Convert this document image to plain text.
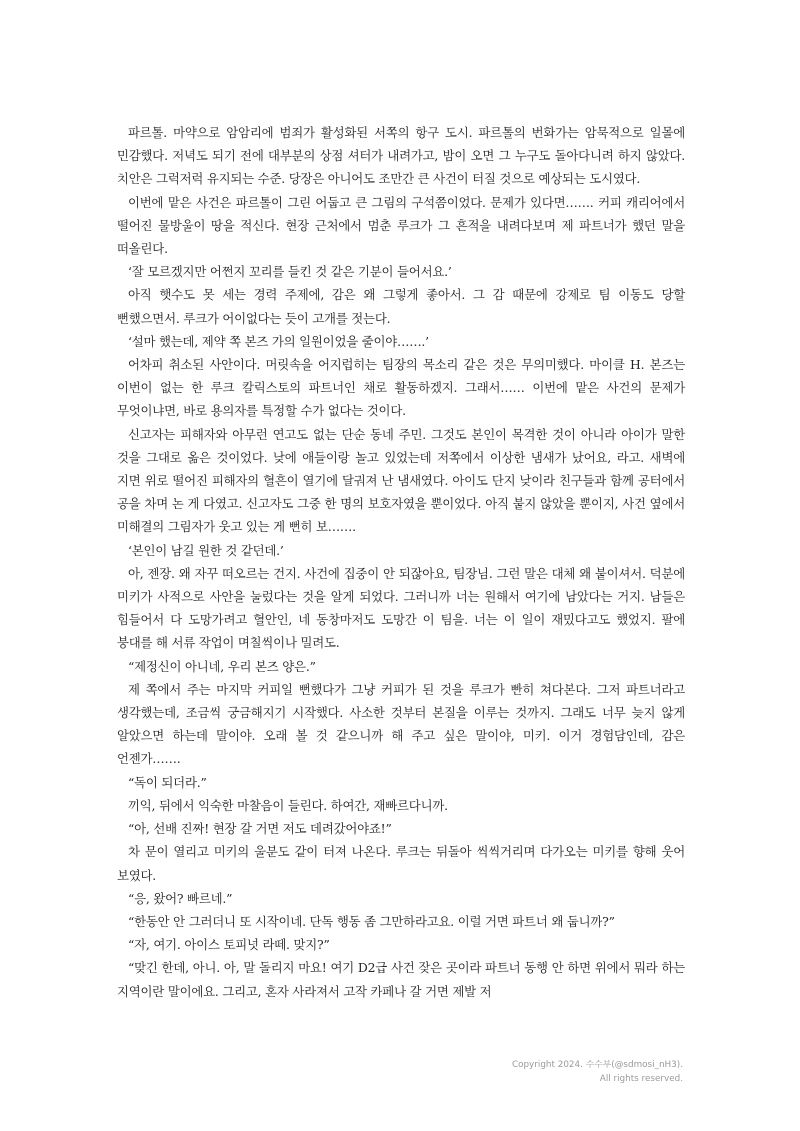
파르톨. 마약으로 암암리에 범죄가 활성화된 서쪽의 항구 도시. 파르톨의 번화가는 암묵적으로 일몰에 민감했다. 저녁도 되기 전에 대부분의 상점 셔터가 내려가고, 밤이 오면 그 누구도 돌아다니려 하지 않았다. 치안은 그럭저럭 유지되는 수준. 당장은 아니어도 조만간 큰 사건이 터질 것으로 예상되는 도시였다.

이번에 맡은 사건은 파르톨이 그린 어둡고 큰 그림의 구석쯤이었다. 문제가 있다면……. 커피 캐리어에서 떨어진 물방울이 땅을 적신다. 현장 근처에서 멈춘 루크가 그 흔적을 내려다보며 제 파트너가 했던 말을 떠올린다.

‘잘 모르겠지만 어쩐지 꼬리를 들킨 것 같은 기분이 들어서요.’

아직 햇수도 못 세는 경력 주제에, 감은 왜 그렇게 좋아서. 그 감 때문에 강제로 팀 이동도 당할 뻔했으면서. 루크가 어이없다는 듯이 고개를 젓는다.

‘설마 했는데, 제약 쪽 본즈 가의 일원이었을 줄이야…….’

어차피 취소된 사안이다. 머릿속을 어지럽히는 팀장의 목소리 같은 것은 무의미했다. 마이클 H. 본즈는 이번이 없는 한 루크 칼릭스토의 파트너인 채로 활동하겠지. 그래서…… 이번에 맡은 사건의 문제가 무엇이냐면, 바로 용의자를 특정할 수가 없다는 것이다.

신고자는 피해자와 아무런 연고도 없는 단순 동네 주민. 그것도 본인이 목격한 것이 아니라 아이가 말한 것을 그대로 옮은 것이었다. 낮에 애들이랑 놀고 있었는데 저쪽에서 이상한 냄새가 났어요, 라고. 새벽에 지면 위로 떨어진 피해자의 혈흔이 열기에 달궈져 난 냄새였다. 아이도 단지 낮이라 친구들과 함께 공터에서 공을 차며 논 게 다였고. 신고자도 그중 한 명의 보호자였을 뿐이었다. 아직 붙지 않았을 뿐이지, 사건 옆에서 미해결의 그림자가 웃고 있는 게 뻔히 보…….

‘본인이 남길 원한 것 같던데.’

아, 젠장. 왜 자꾸 떠오르는 건지. 사건에 집중이 안 되잖아요, 팀장님. 그런 말은 대체 왜 붙이셔서. 덕분에 미키가 사적으로 사안을 눌렀다는 것을 알게 되었다. 그러니까 너는 원해서 여기에 남았다는 거지. 남들은 힘들어서 다 도망가려고 혈안인, 네 동창마저도 도망간 이 팀을. 너는 이 일이 재밌다고도 했었지. 팔에 붕대를 해 서류 작업이 며칠씩이나 밀려도.

“제정신이 아니네, 우리 본즈 양은.”

제 쪽에서 주는 마지막 커피일 뻔했다가 그냥 커피가 된 것을 루크가 빤히 쳐다본다. 그저 파트너라고 생각했는데, 조금씩 궁금해지기 시작했다. 사소한 것부터 본질을 이루는 것까지. 그래도 너무 늦지 않게 알았으면 하는데 말이야. 오래 볼 것 같으니까 해 주고 싶은 말이야, 미키. 이거 경험담인데, 감은 언젠가…….

“독이 되더라.”

끼익, 뒤에서 익숙한 마찰음이 들린다. 하여간, 재빠르다니까.

“아, 선배 진짜! 현장 갈 거면 저도 데려갔어야죠!”

차 문이 열리고 미키의 울분도 같이 터져 나온다. 루크는 뒤돌아 씩씩거리며 다가오는 미키를 향해 웃어 보였다.

“응, 왔어? 빠르네.”

“한동안 안 그러더니 또 시작이네. 단독 행동 좀 그만하라고요. 이럴 거면 파트너 왜 둡니까?”

“자, 여기. 아이스 토피넛 라떼. 맞지?”

“맞긴 한데, 아니. 아, 말 돌리지 마요! 여기 D2급 사건 잦은 곳이라 파트너 동행 안 하면 위에서 뭐라 하는 지역이란 말이에요. 그리고, 혼자 사라져서 고작 카페나 갈 거면 제발 저

Copyright 2024. 수수부(@sdmosi_nH3).
All rights reserved.
